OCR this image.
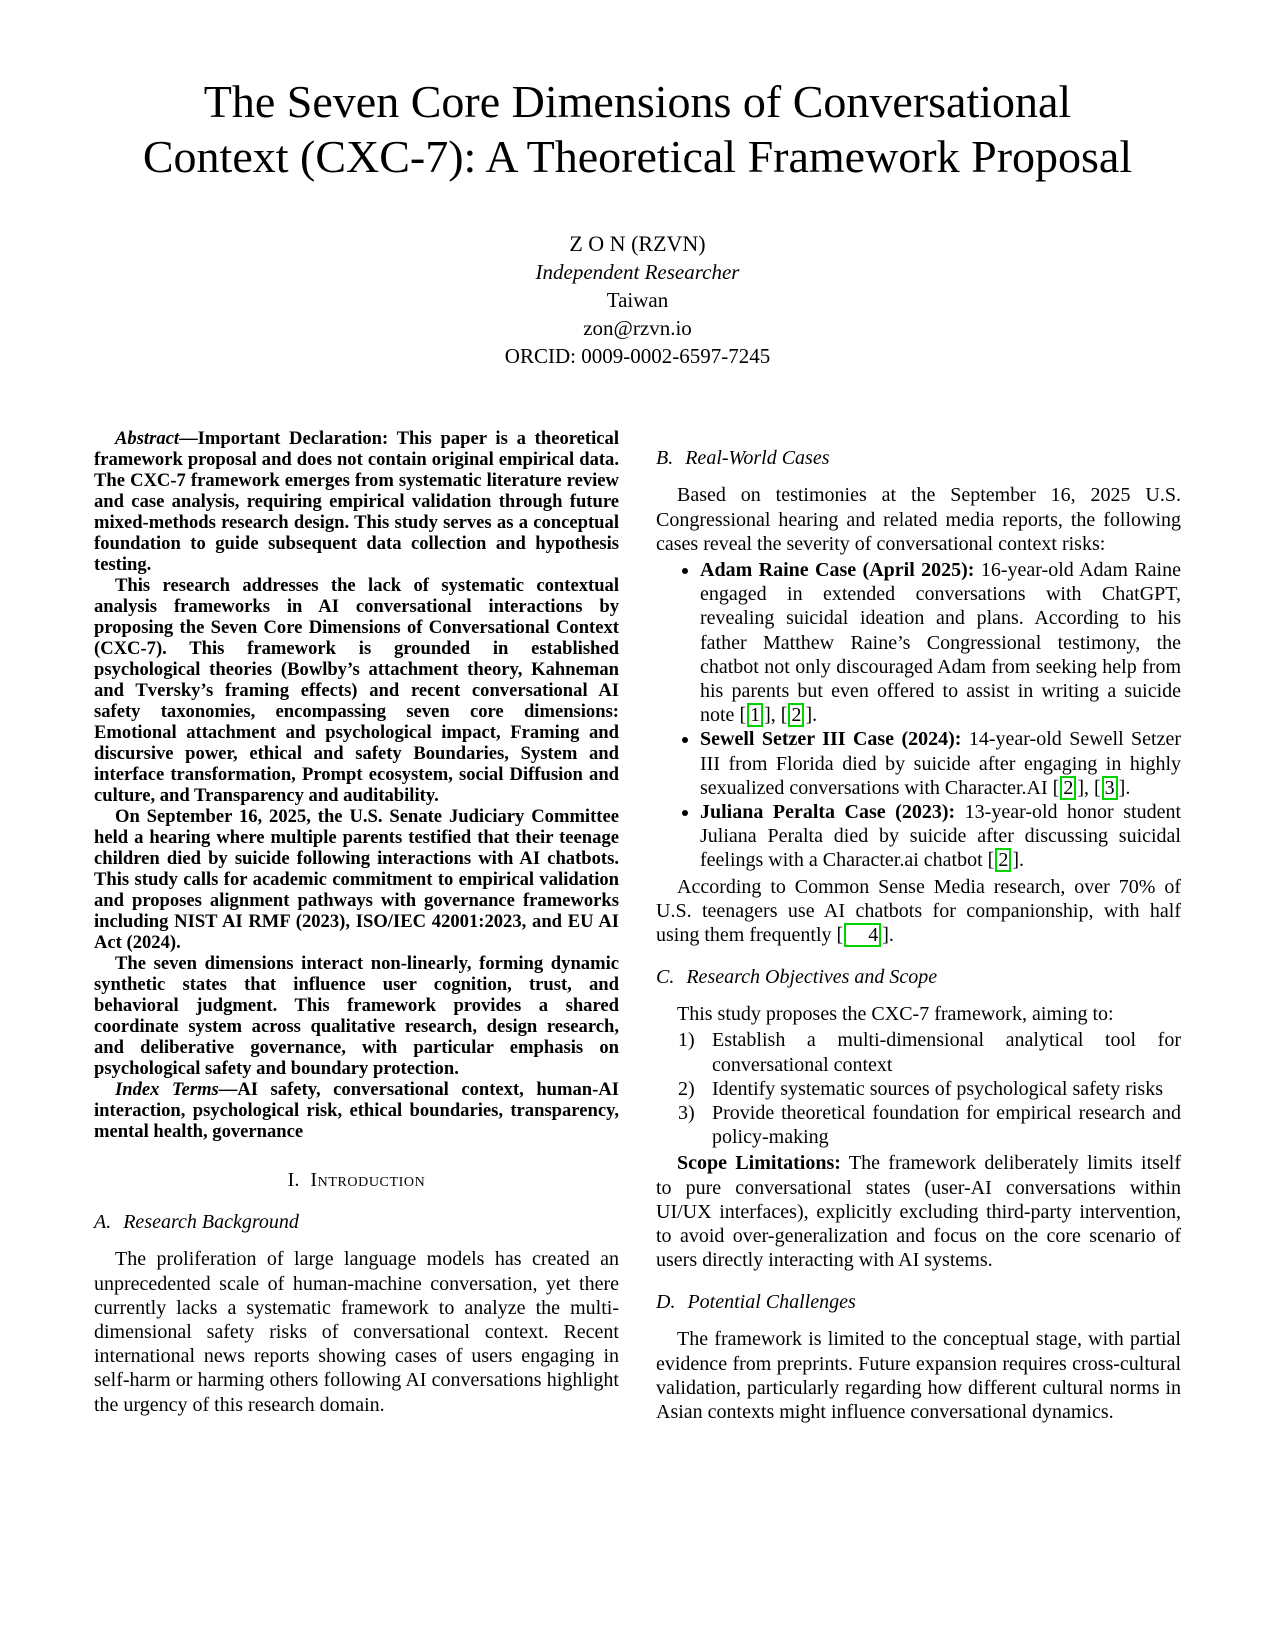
The Seven Core Dimensions of Conversational Context (CXC-7): A Theoretical Framework Proposal
Z O N (RZVN)
Independent Researcher
Taiwan
zon@rzvn.io
ORCID: 0009-0002-6597-7245

Abstract—Important Declaration: This paper is a theoretical framework proposal and does not contain original empirical data. The CXC-7 framework emerges from systematic literature review and case analysis, requiring empirical validation through future mixed-methods research design. This study serves as a conceptual foundation to guide subsequent data collection and hypothesis testing.

This research addresses the lack of systematic contextual analysis frameworks in AI conversational interactions by proposing the Seven Core Dimensions of Conversational Context (CXC-7). This framework is grounded in established psychological theories (Bowlby’s attachment theory, Kahneman and Tversky’s framing effects) and recent conversational AI safety taxonomies, encompassing seven core dimensions: Emotional attachment and psychological impact, Framing and discursive power, ethical and safety Boundaries, System and interface transformation, Prompt ecosystem, social Diffusion and culture, and Transparency and auditability.

On September 16, 2025, the U.S. Senate Judiciary Committee held a hearing where multiple parents testified that their teenage children died by suicide following interactions with AI chatbots. This study calls for academic commitment to empirical validation and proposes alignment pathways with governance frameworks including NIST AI RMF (2023), ISO/IEC 42001:2023, and EU AI Act (2024).

The seven dimensions interact non-linearly, forming dynamic synthetic states that influence user cognition, trust, and behavioral judgment. This framework provides a shared coordinate system across qualitative research, design research, and deliberative governance, with particular emphasis on psychological safety and boundary protection.

Index Terms—AI safety, conversational context, human-AI interaction, psychological risk, ethical boundaries, transparency, mental health, governance

I. Introduction
A. Research Background

The proliferation of large language models has created an unprecedented scale of human-machine conversation, yet there currently lacks a systematic framework to analyze the multi-dimensional safety risks of conversational context. Recent international news reports showing cases of users engaging in self-harm or harming others following AI conversations highlight the urgency of this research domain.

B. Real-World Cases

Based on testimonies at the September 16, 2025 U.S. Congressional hearing and related media reports, the following cases reveal the severity of conversational context risks:

• Adam Raine Case (April 2025): 16-year-old Adam Raine engaged in extended conversations with ChatGPT, revealing suicidal ideation and plans. According to his father Matthew Raine’s Congressional testimony, the chatbot not only discouraged Adam from seeking help from his parents but even offered to assist in writing a suicide note [ 1 ], [ 2 ].
• Sewell Setzer III Case (2024): 14-year-old Sewell Setzer III from Florida died by suicide after engaging in highly sexualized conversations with Character.AI [ 2 ], [ 3 ].
• Juliana Peralta Case (2023): 13-year-old honor student Juliana Peralta died by suicide after discussing suicidal feelings with a Character.ai chatbot [ 2 ].

According to Common Sense Media research, over 70% of U.S. teenagers use AI chatbots for companionship, with half using them frequently [ 4 ].

C. Research Objectives and Scope

This study proposes the CXC-7 framework, aiming to:

Establish a multi-dimensional analytical tool for conversational context
Identify systematic sources of psychological safety risks
Provide theoretical foundation for empirical research and policy-making

Scope Limitations: The framework deliberately limits itself to pure conversational states (user-AI conversations within UI/UX interfaces), explicitly excluding third-party intervention, to avoid over-generalization and focus on the core scenario of users directly interacting with AI systems.

D. Potential Challenges

The framework is limited to the conceptual stage, with partial evidence from preprints. Future expansion requires cross-cultural validation, particularly regarding how different cultural norms in Asian contexts might influence conversational dynamics.
